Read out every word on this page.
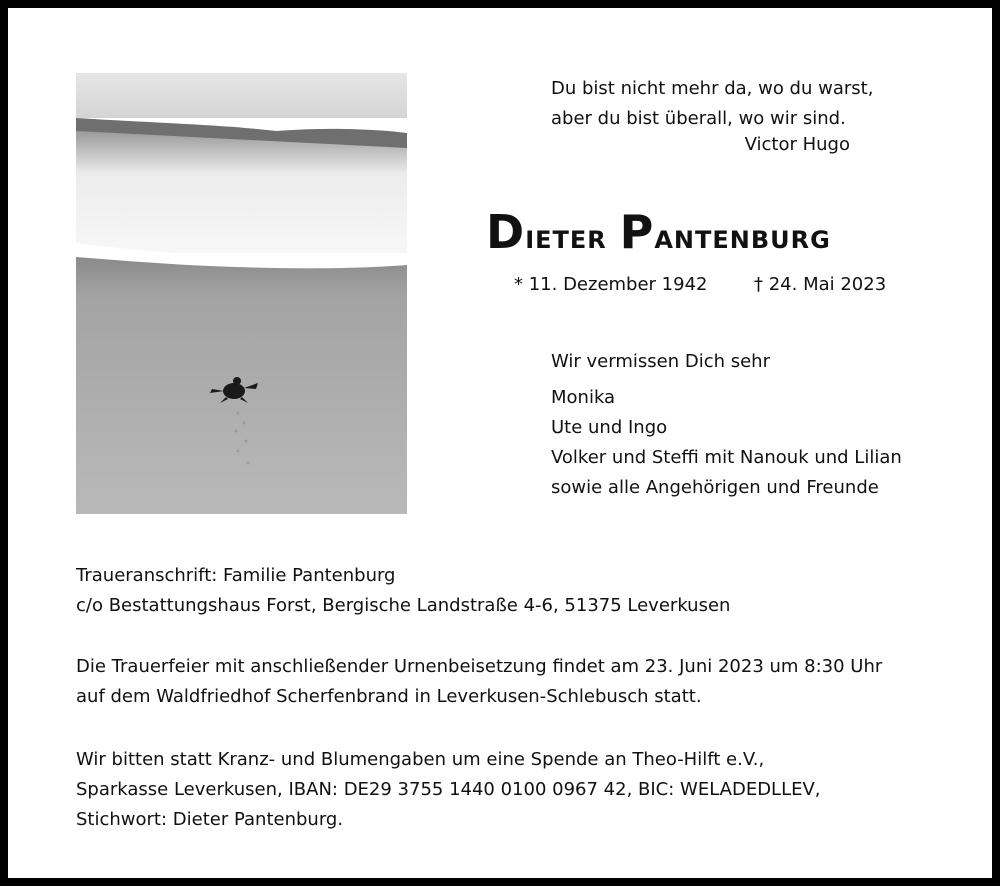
Du bist nicht mehr da, wo du warst,
aber du bist überall, wo wir sind.
Victor Hugo
Dieter Pantenburg
* 11. Dezember 1942	† 24. Mai 2023
Wir vermissen Dich sehr
Monika
Ute und Ingo
Volker und Steffi mit Nanouk und Lilian
sowie alle Angehörigen und Freunde
Traueranschrift: Familie Pantenburg
c/o Bestattungshaus Forst, Bergische Landstraße 4-6, 51375 Leverkusen
Die Trauerfeier mit anschließender Urnenbeisetzung findet am 23. Juni 2023 um 8:30 Uhr
auf dem Waldfriedhof Scherfenbrand in Leverkusen-Schlebusch statt.
Wir bitten statt Kranz- und Blumengaben um eine Spende an Theo-Hilft e.V.,
Sparkasse Leverkusen, IBAN: DE29 3755 1440 0100 0967 42, BIC: WELADEDLLEV,
Stichwort: Dieter Pantenburg.
